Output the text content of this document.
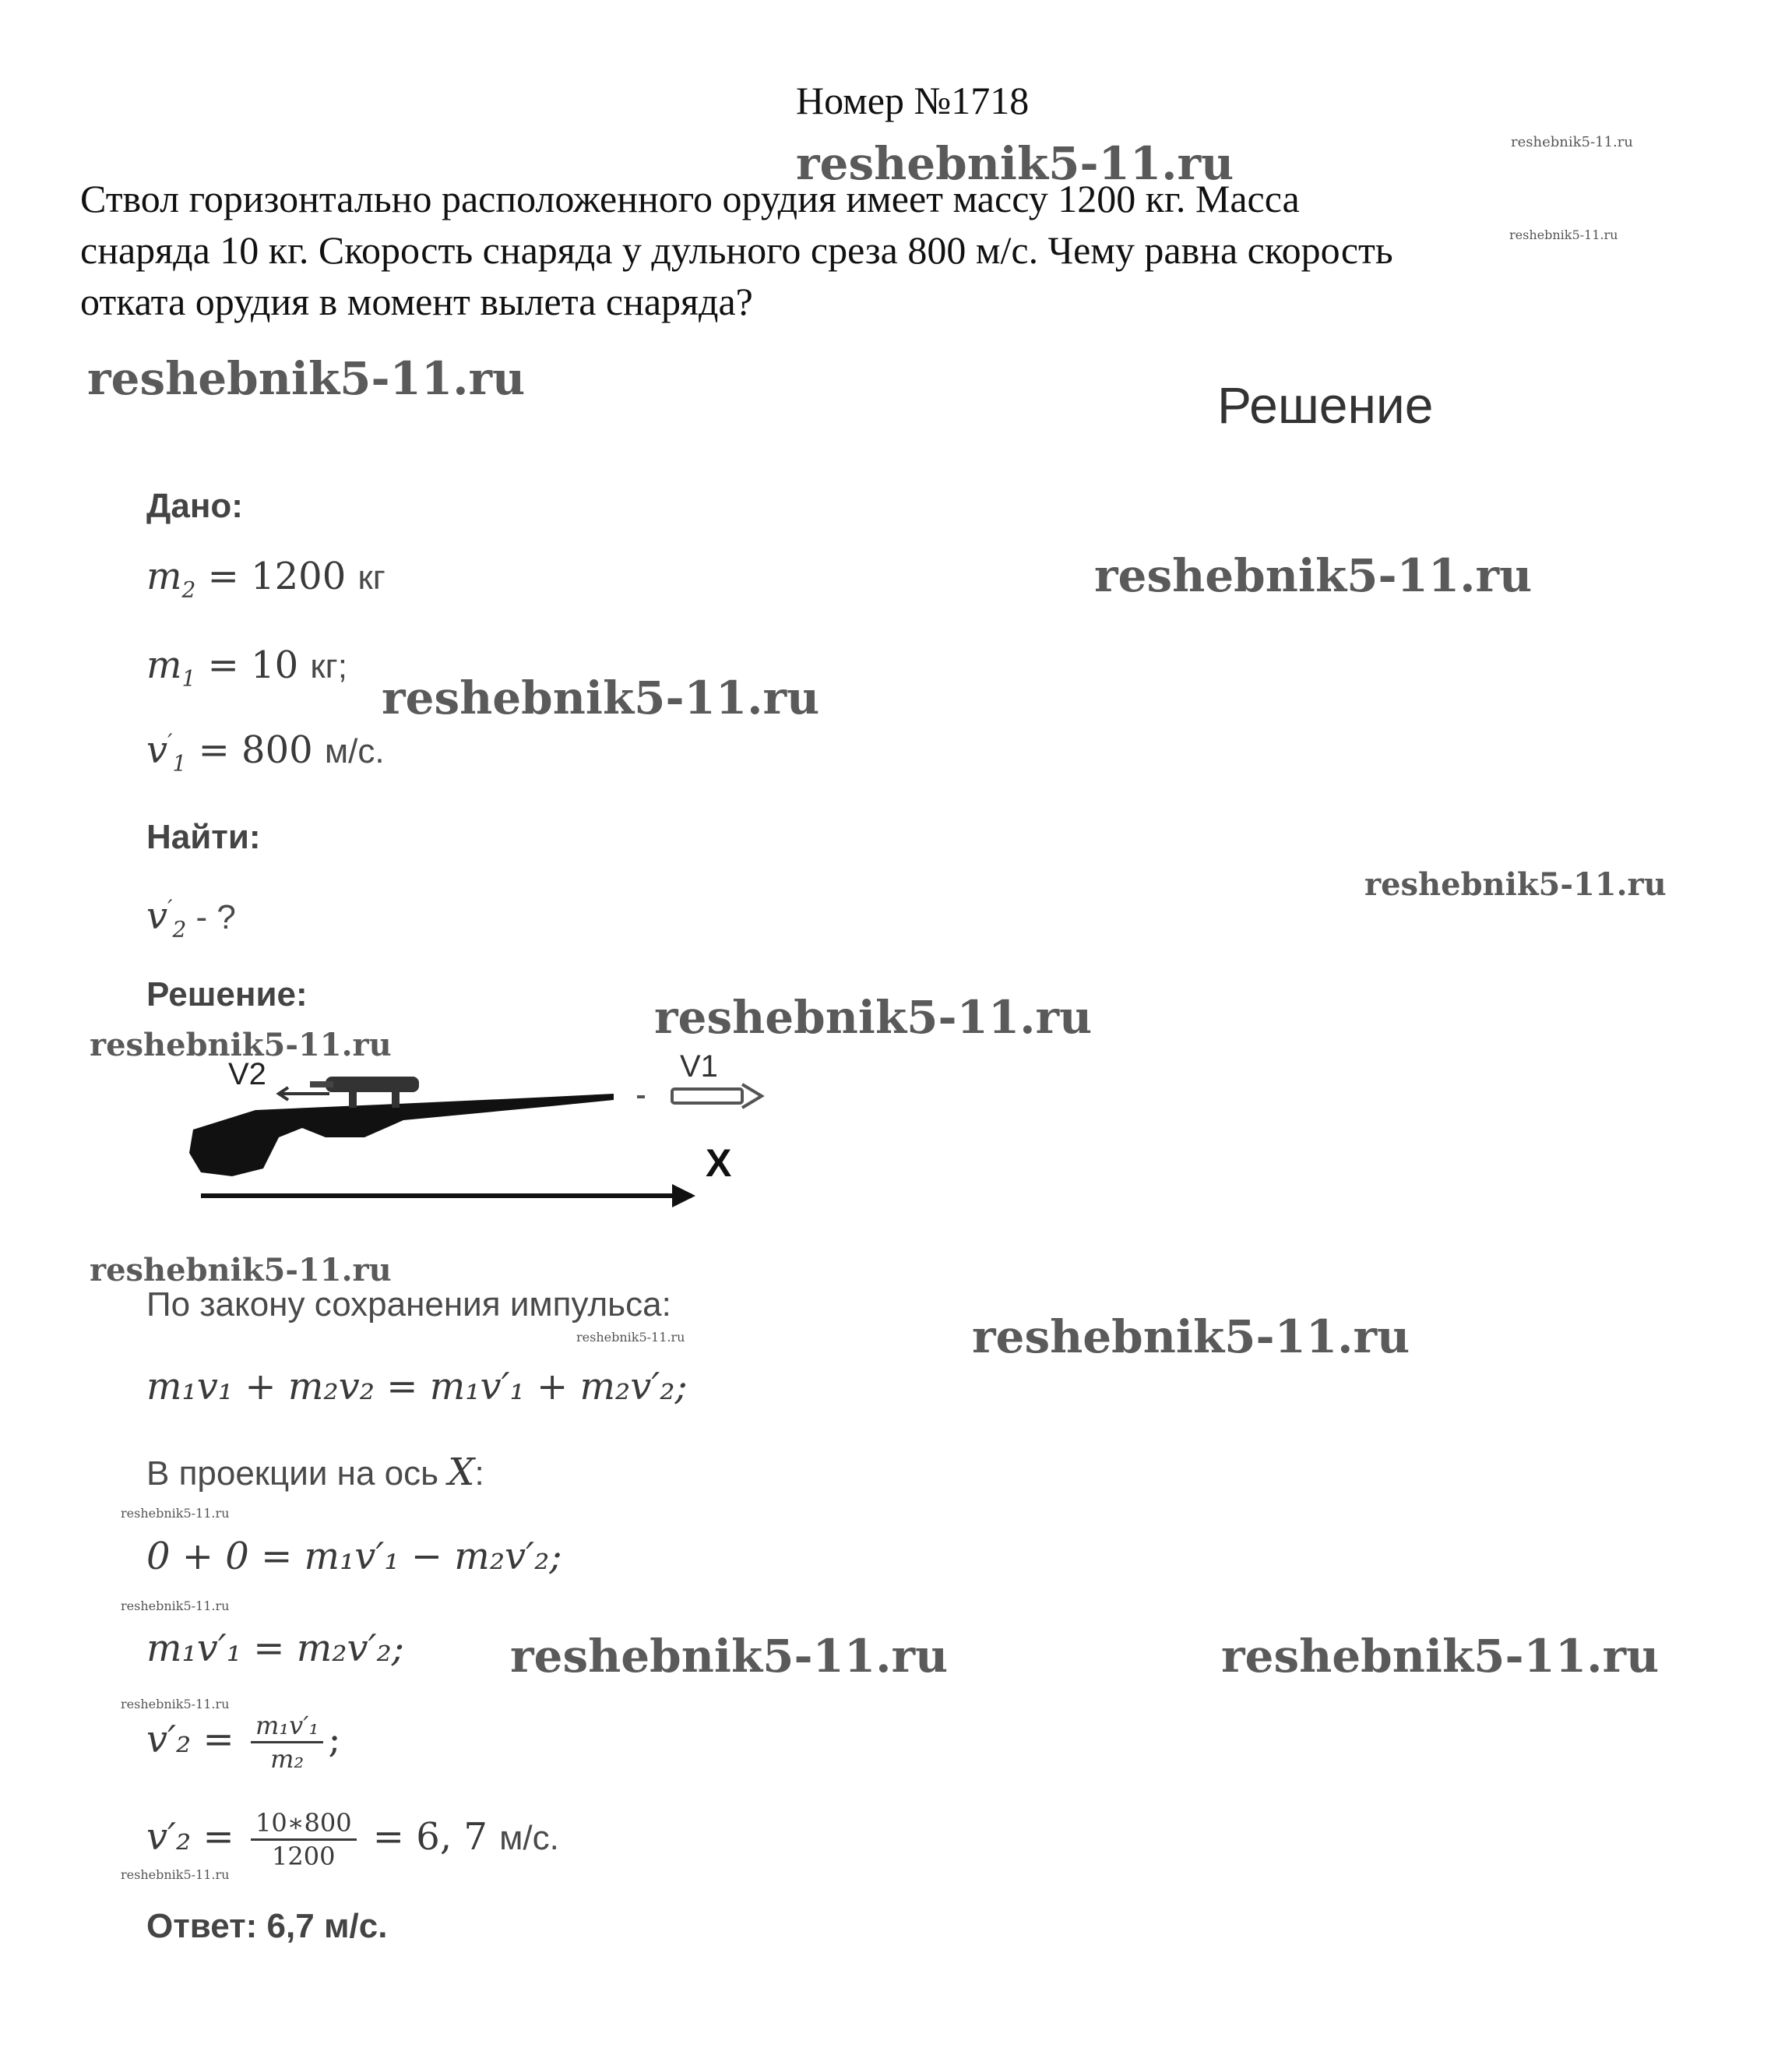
Номер №1718

Ствол горизонтально расположенного орудия имеет массу 1200 кг. Масса

снаряда 10 кг. Скорость снаряда у дульного среза 800 м/с. Чему равна скорость

отката орудия в момент вылета снаряда?

Решение
Дано:
$m_2 = 1200$ кг
$m_1 = 10$ кг;
$v'_1 = 800$ м/с.
Найти:
$v'_2$ - ?
Решение:
V2	V1
X
По закону сохранения импульса:
m₁v₁ + m₂v₂ = m₁v′₁ + m₂v′₂;
В проекции на ось X:
0 + 0 = m₁v′₁ − m₂v′₂;
m₁v′₁ = m₂v′₂;
$v'_2 = \frac{\text{m₁v′₁}}{\text{m₂}}$ ;
$v'_2 = \frac{10∗800}{1200} = 6$, 7 м/с.
Ответ: 6,7 м/с.
reshebnik5-11.ru	reshebnik5-11.ru
reshebnik5-11.ru
reshebnik5-11.ru
reshebnik5-11.ru
reshebnik5-11.ru
reshebnik5-11.ru
reshebnik5-11.ru
reshebnik5-11.ru
reshebnik5-11.ru
reshebnik5-11.ru
reshebnik5-11.ru
reshebnik5-11.ru
reshebnik5-11.ru
reshebnik5-11.ru	reshebnik5-11.ru
reshebnik5-11.ru
reshebnik5-11.ru
